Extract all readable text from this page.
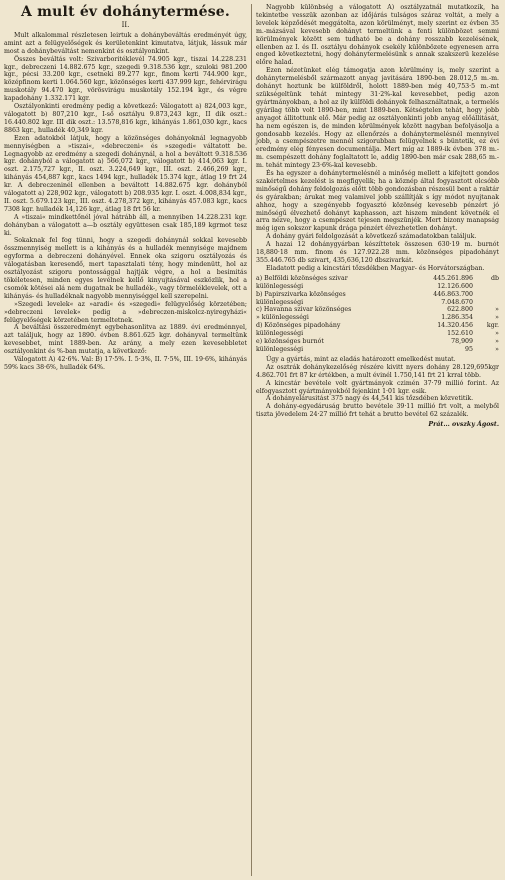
A mult év dohánytermése.
II.

Mult alkalommal részletesen leirtuk a dohánybeváltás eredményét úgy, amint azt a felügyelőségek és kerületenkint kimutatva, látjuk, lássuk már most a dohánybeváltást nemenkint és osztályonkint.

Összes beváltás volt: Szivarboritéklevél 74.905 kgr., tiszai 14.228.231 kgr., debreczeni 14.882.675 kgr., szegedi 9.318.536 kgr., szuloki 981.200 kgr., pécsi 33.200 kgr., csetneki 89.277 kgr., finom kerti 744.900 kgr., középfinom kerti 1.064.560 kgr., közönséges kerti 437.999 kgr., fehérvirágu muskotály 94.470 kgr., vörösvirágu muskotály 152.194 kgr., és végre kapadohány 1.332.171 kgr.

Osztályonkinti eredmény pedig a következő: Válogatott a) 824,003 kgr., válogatott b) 807,210 kgr., I-ső osztályu 9.873,243 kgr., II dik oszt.: 16.440.802 kgr. III dik oszt.: 13.578,816 kgr., kihányás 1.861,030 kgr., kacs 8863 kgr., hulladék 40,349 kgr.

Ezen adatokból látjuk, hogy a közönséges dohányoknál legnagyobb mennyiségben a »tiszai«, »debreczeni« és »szegedi« váltatott be. Legnagyobb az eredmény a szegedi dohánynál, a hol a beváltott 9.318.536 kgr. dohányból a válogatott a) 566,072 kgr., válogatott b) 414,063 kgr. I. oszt. 2.175,727 kgr., II. oszt. 3.224,649 kgr., III. oszt. 2.466,269 kgr., kihányás 454,887 kgr., kacs 1494 kgr., hulladék 15.374 kgr., átlag 19 frt 24 kr. A debreczeninél ellenben a beváltott 14.882.675 kgr. dohányból válogatott a) 228,902 kgr., válogatott b) 208.935 kgr. I. oszt. 4.008,834 kgr., II. oszt. 5.679.123 kgr., III. oszt. 4.278,372 kgr., kihányás 457.083 kgr., kacs 7308 kgr. hulladék 14,126 kgr., átlag 18 frt 56 kr.

A »tiszai« mindkettőnél jóval hátrább áll, a mennyiben 14.228.231 kgr. dohányban a válogatott a—b osztály együttesen csak 185,189 kgrmot tesz ki.

Sokaknak fel fog tünni, hogy a szegedi dohánynál sokkal kevesebb összmennyiség mellett is a kihányás és a hulladék mennyisége majdnem egyforma a debreczeni dohányével. Ennek oka szigoru osztályozás és válogatásban keresendő, mert tapasztalati tény, hogy mindenütt, hol az osztályozást szigoru pontossággal hajtják végre, a hol a besimitás tökéletesen, minden egyes levélnek kellő kinyujtásával eszközlik, hol a csomók kötései alá nem dugatnak be hulladék-, vagy törmeléklevelek, ott a kihányás- és hulladéknak nagyobb mennyiséggel kell szerepelni.

»Szegedi levelek« az »aradi« és »szegedi« felügyelőség körzetében; »debreczeni levelek« pedig a »debreczen-miskolcz-nyiregyházi« felügyelőségek körzetében termeltetnek.

A beváltási összeredményt egybehasonlitva az 1889. évi eredménnyel, azt találjuk, hogy az 1890. évben 8.861.625 kgr. dohányval termeltünk kevesebbet, mint 1889-ben. Az arány, a mely ezen kevesebbletet osztályonkint és %-ban mutatja, a következő:

Válogatott A) 42·6%. Val: B) 17·5%. I. 5·3%, II. 7·5%, III. 19·6%, kihányás 59% kacs 38·6%, hulladék 64%.

Nagyobb különbség a válogatott A) osztályzatnál mutatkozik, ha tekintetbe vesszük azonban az időjárás tulságos száraz voltát, a mely a levelek képződését meggátolta, azon körülményt, mely szerint ez évben 35 m.-mázsával kevesebb dohányt termeltünk a fenti különbözet semmi körülmények között sem tudható be a dohány rosszabb kezelésének, ellenben az I. és II. osztályu dohányok csekély különbözete egyenesen arra enged következtetni, hogy dohánytermelésünk s annak szakszerü kezelése előre halad.

Ezen nézetünket elég támogatja azon körülmény is, mely szerint a dohánytermelésből származott anyag javitására 1890-ben 28.012,5 m.-m. dohányt hoztunk be külföldről, holott 1889-ben még 40,753·5 m.-mt szükségeltünk tehát mintegy 31·2%-kal kevesebbet, pedig azon gyártmányokban, a hol az ily külföldi dohányok felhasználtatnak, a termelés gyárilag több volt 1890-ben, mint 1889-ben. Kétségtelen tehát, hogy jobb anyagot állitottunk elő. Már pedig az osztályonkinti jobb anyag előállitását, ha nem egészen is, de minden körülmények között nagyban befolyásolja a gondosabb kezelés. Hogy az ellenőrzés a dohánytermelésnél mennyivel jobb, a csempészetre mennél szigorubban felügyelnek s büntetik, ez évi eredmény elég fényesen documentálja. Mert míg az 1889-ik évben 378 m.-m. csempészett dohány foglaltatott le, addig 1890-ben már csak 288,65 m.-m. tehát mintegy 23·6%-kal kevesebb.

És ha egyszer a dohánytermelésnél a minőség mellett a kifejtett gondos szakértelmes kezelést is megfigyelik; ha a köznép által fogyasztott olcsóbb minőségű dohány feldolgozás előtt több gondozásban részesül bent a raktár és gyárakban; árukat meg valamivel jobb szállítják s így módot nyujtanak ahhoz, hogy a szegényebb fogyasztó közönség kevesebb pénzért jó minőségű élvezhető dohányt kaphasson, azt hiszem mindent követnék el arra nézve, hogy a csempészet tejesen megszünjék. Mert bizony manapság még igen sokszor kapunk drága pénzért élvezhetetlen dohányt.

A dohány gyári feldolgozását a következő számadatokban találjuk.

A hazai 12 dohánygyárban készíttetek összesen 630·19 m. burnót 18,880·18 mm. finom és 127.922.28 mm. közönséges pipadohányt 355.446.765 db szivart, 435,636,120 dbszivarkát.

Eladatott pedig a kincstári tőzsdékben Magyar- és Horvátországban.

a) Belföldi közönséges szivar	445.261.896	db
különlegességi	12.126.600
b) Papirszivarka közönséges	446.863.700
különlegességi	7.048.670
c) Havanna szivar közönséges	622.800	»
» különlegességi	1.286.354	»
d) Közönséges pipadohány	14.320.456	kgr.
különlegességi	152.610	»
e) közönséges burnót	78,909	»
különlegességi	95	»

Úgy a gyártás, mint az eladás határozott emelkedést mutat.

Az osztrák dohánykezelőség részére kivitt nyers dohány 28.129,695kgr 4.862.701 frt 87 kr értékben, a mult évinél 1.750,141 frt 21 krral több.

A kincstár bevétele volt gyártmányok czimén 37·79 millió forint. Az elfogyasztott gyártmányokból fejenkint 1·01 kgr. esik.

A dohányelárusitást 375 nagy és 44,541 kis tőzsdében közvetitik.

A dohány-egyedáruság brutto bevétele 39·11 millió frt volt, a melyből tiszta jövedelem 24·27 millió frt tehát a brutto bevétel 62 százalék.

Prát... ovszky Ágost.
